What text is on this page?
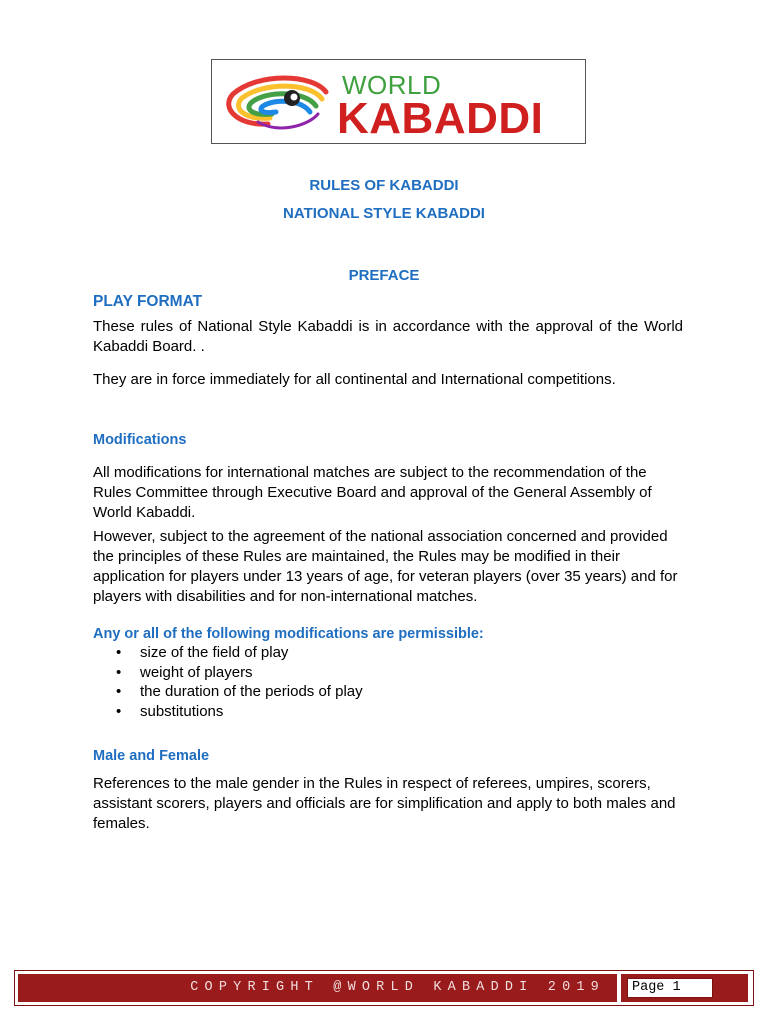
WORLD
KABADDI
RULES OF KABADDI
NATIONAL STYLE KABADDI
PREFACE
PLAY FORMAT
These rules of National Style Kabaddi is in accordance with the approval of the World Kabaddi Board. .
They are in force immediately for all continental and International competitions.
Modifications
All modifications for international matches are subject to the recommendation of the Rules Committee through Executive Board and approval of the General Assembly of World Kabaddi.
However, subject to the agreement of the national association concerned and provided the principles of these Rules are maintained, the Rules may be modified in their application for players under 13 years of age, for veteran players (over 35 years) and for players with disabilities and for non-international matches.
Any or all of the following modifications are permissible:
• size of the field of play
• weight of players
• the duration of the periods of play
• substitutions
Male and Female
References to the male gender in the Rules in respect of referees, umpires, scorers, assistant scorers, players and officials are for simplification and apply to both males and females.
COPYRIGHT @WORLD KABADDI 2019	Page 1
